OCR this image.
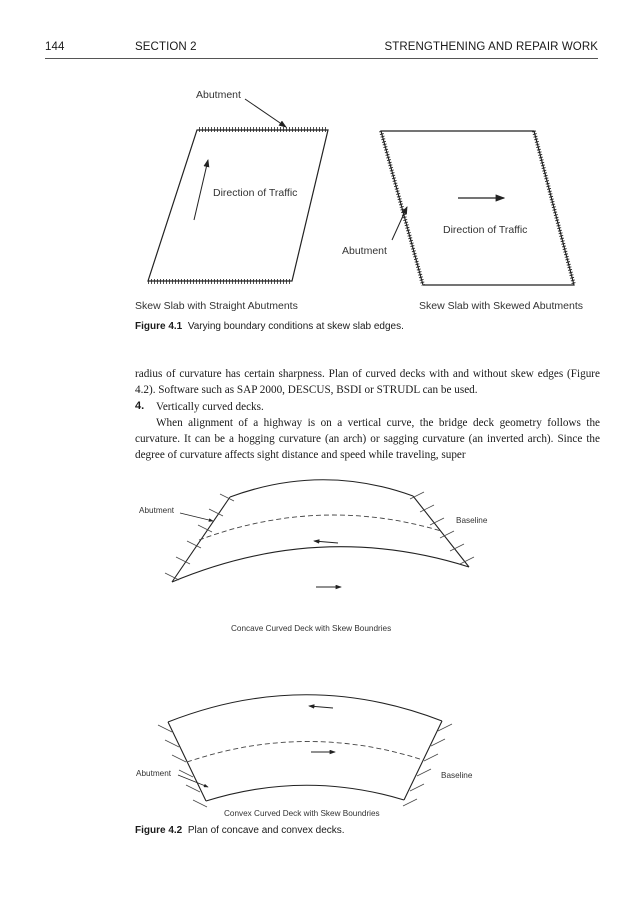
144	SECTION 2	STRENGTHENING AND REPAIR WORK
Abutment
Direction of Traffic
Direction of Traffic
Abutment
Skew Slab with Straight Abutments	Skew Slab with Skewed Abutments
Figure 4.1 Varying boundary conditions at skew slab edges.
radius of curvature has certain sharpness. Plan of curved decks with and without skew edges (Figure 4.2). Software such as SAP 2000, DESCUS, BSDI or STRUDL can be used.
4. Vertically curved decks.
When alignment of a highway is on a vertical curve, the bridge deck geometry follows the curvature. It can be a hogging curvature (an arch) or sagging curvature (an inverted arch). Since the degree of curvature affects sight distance and speed while traveling, super
Abutment
Baseline
Concave Curved Deck with Skew Boundries
Abutment	Baseline
Convex Curved Deck with Skew Boundries
Figure 4.2 Plan of concave and convex decks.
